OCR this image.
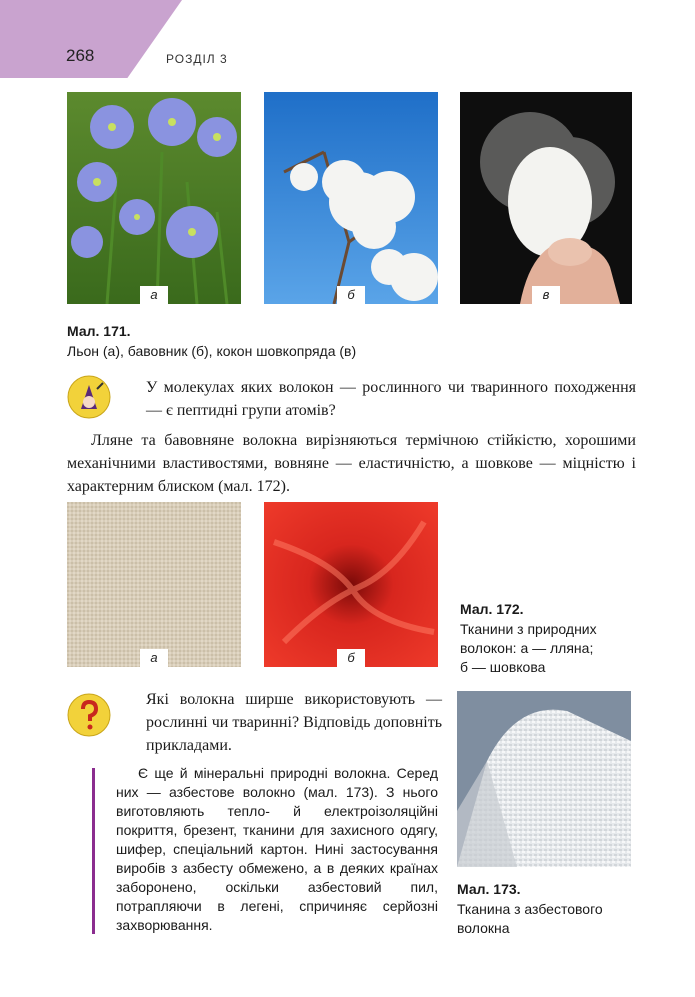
268	РОЗДІЛ 3
а	б	в
Мал. 171.
Льон (а), бавовник (б), кокон шовкопряда (в)
У молекулах яких волокон — рослинного чи тваринного походження — є пептидні групи атомів?
Лляне та бавовняне волокна вирізняються термічною стійкістю, хорошими механічними властивостями, вовняне — еластичністю, а шовкове — міцністю і характерним блиском (мал. 172).
а	б
Мал. 172.
Тканини з природних
волокон: а — лляна;
б — шовкова
Які волокна ширше використовують — рослинні чи тваринні? Відповідь доповніть прикладами.
Є ще й мінеральні природні волокна. Серед них — азбестове волокно (мал. 173). З нього виготовляють тепло- й електроізоляційні покриття, брезент, тканини для захисного одягу, шифер, спеціальний картон. Нині застосування виробів з азбесту обмежено, а в деяких країнах заборонено, оскільки азбестовий пил, потрапляючи в легені, спричиняє серйозні захворювання.
Мал. 173.
Тканина з азбестового
волокна
